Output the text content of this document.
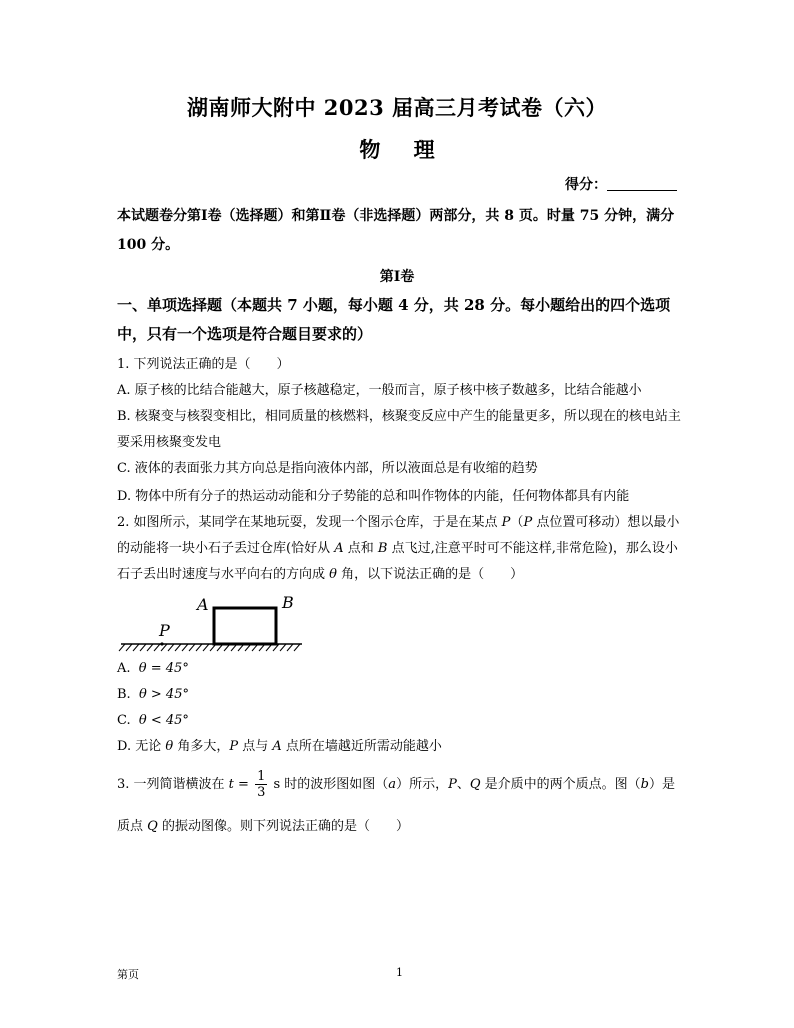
湖南师大附中 2023 届高三月考试卷（六）
物 理
得分：
本试题卷分第Ⅰ卷（选择题）和第Ⅱ卷（非选择题）两部分，共 8 页。时量 75 分钟，满分 100 分。
第Ⅰ卷
一、单项选择题（本题共 7 小题，每小题 4 分，共 28 分。每小题给出的四个选项中，只有一个选项是符合题目要求的）
1. 下列说法正确的是（　　）
A. 原子核的比结合能越大，原子核越稳定，一般而言，原子核中核子数越多，比结合能越小
B. 核聚变与核裂变相比，相同质量的核燃料，核聚变反应中产生的能量更多，所以现在的核电站主要采用核聚变发电
C. 液体的表面张力其方向总是指向液体内部，所以液面总是有收缩的趋势
D. 物体中所有分子的热运动动能和分子势能的总和叫作物体的内能，任何物体都具有内能
2. 如图所示，某同学在某地玩耍，发现一个图示仓库，于是在某点 P（P 点位置可移动）想以最小的动能将一块小石子丢过仓库(恰好从 A 点和 B 点飞过,注意平时可不能这样,非常危险)，那么设小石子丢出时速度与水平向右的方向成 θ 角，以下说法正确的是（　　）
A	B
P
A. θ = 45°
B. θ > 45°
C. θ < 45°
D. 无论 θ 角多大，P 点与 A 点所在墙越近所需动能越小
3. 一列简谐横波在 $t = \frac{1}{3}$ s 时的波形图如图（a）所示，P、Q 是介质中的两个质点。图（b）是
质点 Q 的振动图像。则下列说法正确的是（　　）
第页	1
